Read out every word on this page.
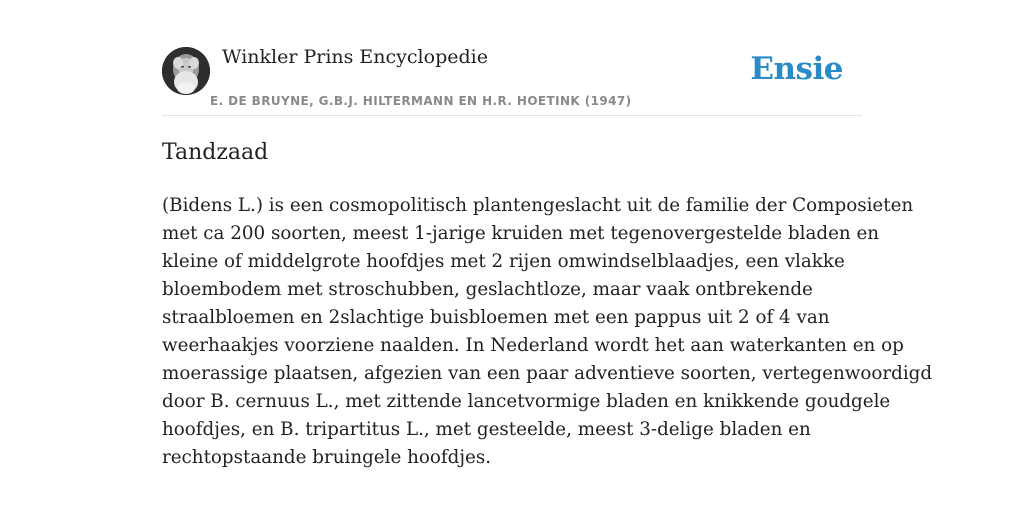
Winkler Prins Encyclopedie
E. DE BRUYNE, G.B.J. HILTERMANN EN H.R. HOETINK (1947)
Ensie
Tandzaad

(Bidens L.) is een cosmopolitisch plantengeslacht uit de familie der Composieten
met ca 200 soorten, meest 1-jarige kruiden met tegenovergestelde bladen en
kleine of middelgrote hoofdjes met 2 rijen omwindselblaadjes, een vlakke
bloembodem met stroschubben, geslachtloze, maar vaak ontbrekende
straalbloemen en 2slachtige buisbloemen met een pappus uit 2 of 4 van
weerhaakjes voorziene naalden. In Nederland wordt het aan waterkanten en op
moerassige plaatsen, afgezien van een paar adventieve soorten, vertegenwoordigd
door B. cernuus L., met zittende lancetvormige bladen en knikkende goudgele
hoofdjes, en B. tripartitus L., met gesteelde, meest 3-delige bladen en
rechtopstaande bruingele hoofdjes.
